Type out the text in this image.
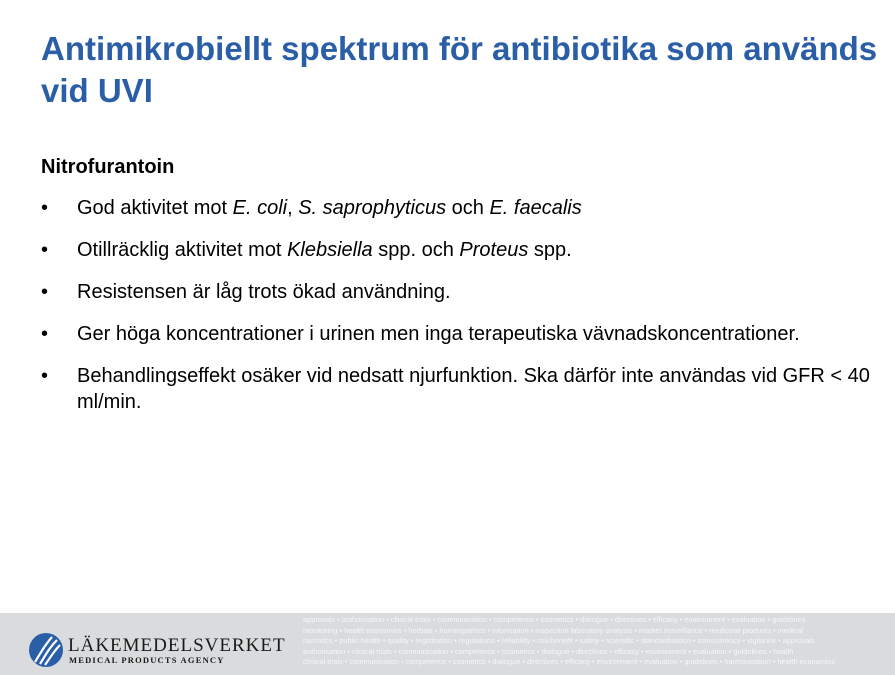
Antimikrobiellt spektrum för antibiotika som används vid UVI
Nitrofurantoin
•	God aktivitet mot E. coli, S. saprophyticus och E. faecalis
•	Otillräcklig aktivitet mot Klebsiella spp. och Proteus spp.
•	Resistensen är låg trots ökad användning.
•	Ger höga koncentrationer i urinen men inga terapeutiska vävnadskoncentrationer.
•	Behandlingseffekt osäker vid nedsatt njurfunktion. Ska därför inte användas vid GFR < 40 ml/min.
LÄKEMEDELSVERKET
MEDICAL PRODUCTS AGENCY
approvals • authorisation • clinical trials • communication • competence • cosmetics • dialogue • directives • efficacy • environment • evaluation • guidelines
monitoring • health economics • herbals • homeopathics • information • inspection laboratory analysis • market surveillance • medicinal products • medical
narcotics • public health • quality • registration • regulations • reliability • risk/benefit • safety • scientific • standardisation • transparency • vigilance • approvals
authorisation • clinical trials • communication • competence • cosmetics • dialogue • directives • efficacy • environment • evaluation • guidelines • health
clinical trials • communication • competence • cosmetics • dialogue • directives • efficacy • environment • evaluation • guidelines • harmonisation • health economics
